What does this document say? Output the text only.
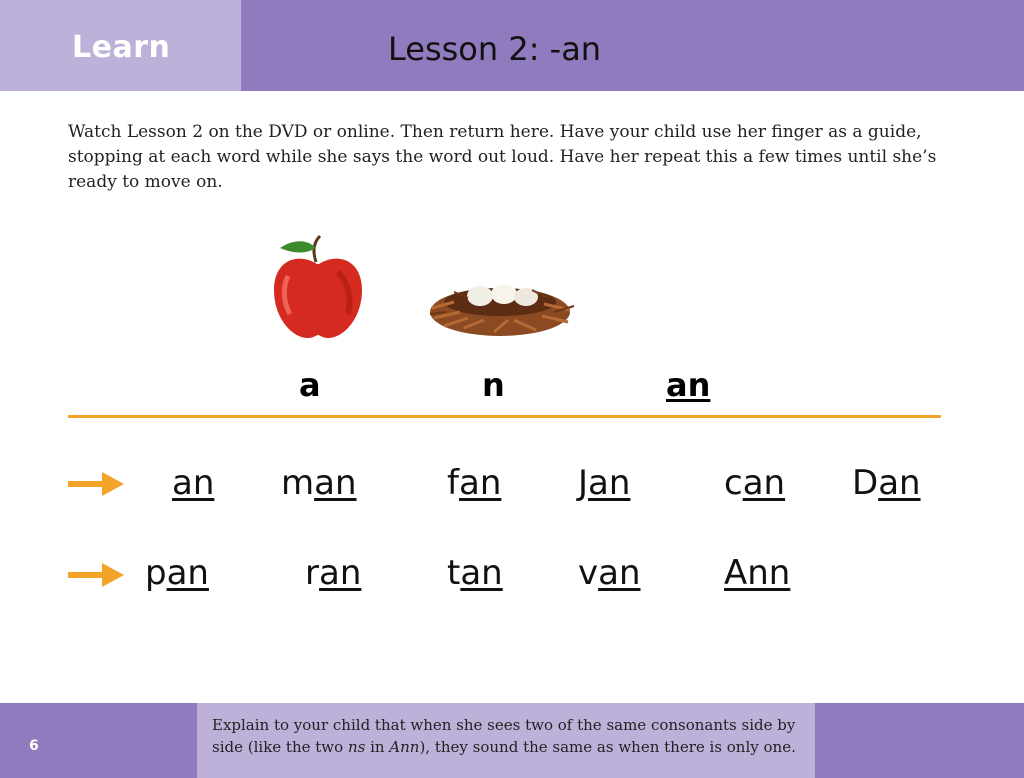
Learn	Lesson 2: -an
Watch Lesson 2 on the DVD or online. Then return here. Have your child use her finger as a guide, stopping at each word while she says the word out loud. Have her repeat this a few times until she’s ready to move on.
a	n	an
an man	fan Jan	can Dan
pan	ran	tan van Ann
6
Explain to your child that when she sees two of the same consonants side by side (like the two ns in Ann), they sound the same as when there is only one.
